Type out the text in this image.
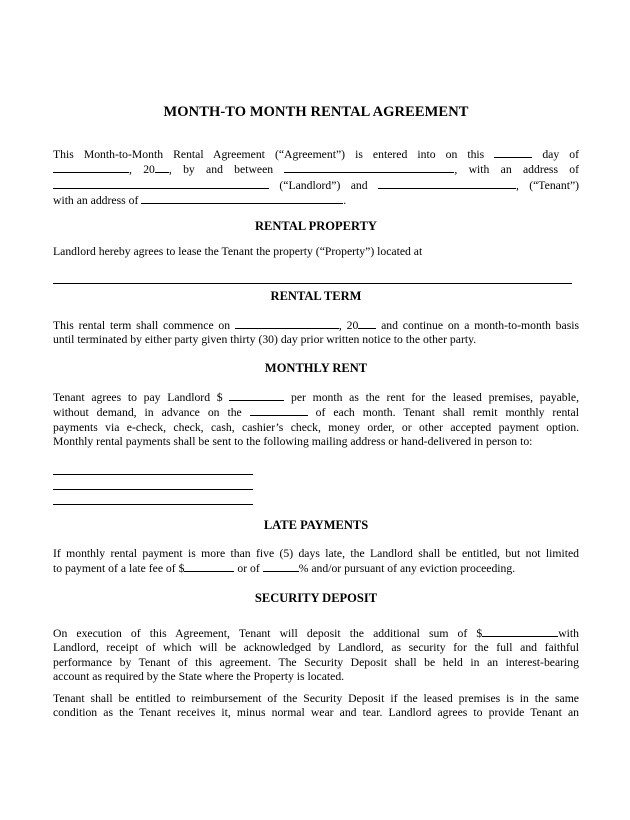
MONTH-TO MONTH RENTAL AGREEMENT
This Month-to-Month Rental Agreement (“Agreement”) is entered into on this	day of
, 20 , by and between	, with an address of
(“Landlord”) and	, (“Tenant”)
with an address of	.
RENTAL PROPERTY
Landlord hereby agrees to lease the Tenant the property (“Property”) located at
RENTAL TERM
This rental term shall commence on	, 20 and continue on a month-to-month basis
until terminated by either party given thirty (30) day prior written notice to the other party.
MONTHLY RENT
Tenant agrees to pay Landlord $	per month as the rent for the leased premises, payable,
without demand, in advance on the	of each month. Tenant shall remit monthly rental
payments via e-check, check, cash, cashier’s check, money order, or other accepted payment option.
Monthly rental payments shall be sent to the following mailing address or hand-delivered in person to:
LATE PAYMENTS
If monthly rental payment is more than five (5) days late, the Landlord shall be entitled, but not limited
to payment of a late fee of $	or of	% and/or pursuant of any eviction proceeding.
SECURITY DEPOSIT
On execution of this Agreement, Tenant will deposit the additional sum of $	with
Landlord, receipt of which will be acknowledged by Landlord, as security for the full and faithful
performance by Tenant of this agreement. The Security Deposit shall be held in an interest-bearing
account as required by the State where the Property is located.
Tenant shall be entitled to reimbursement of the Security Deposit if the leased premises is in the same
condition as the Tenant receives it, minus normal wear and tear. Landlord agrees to provide Tenant an
